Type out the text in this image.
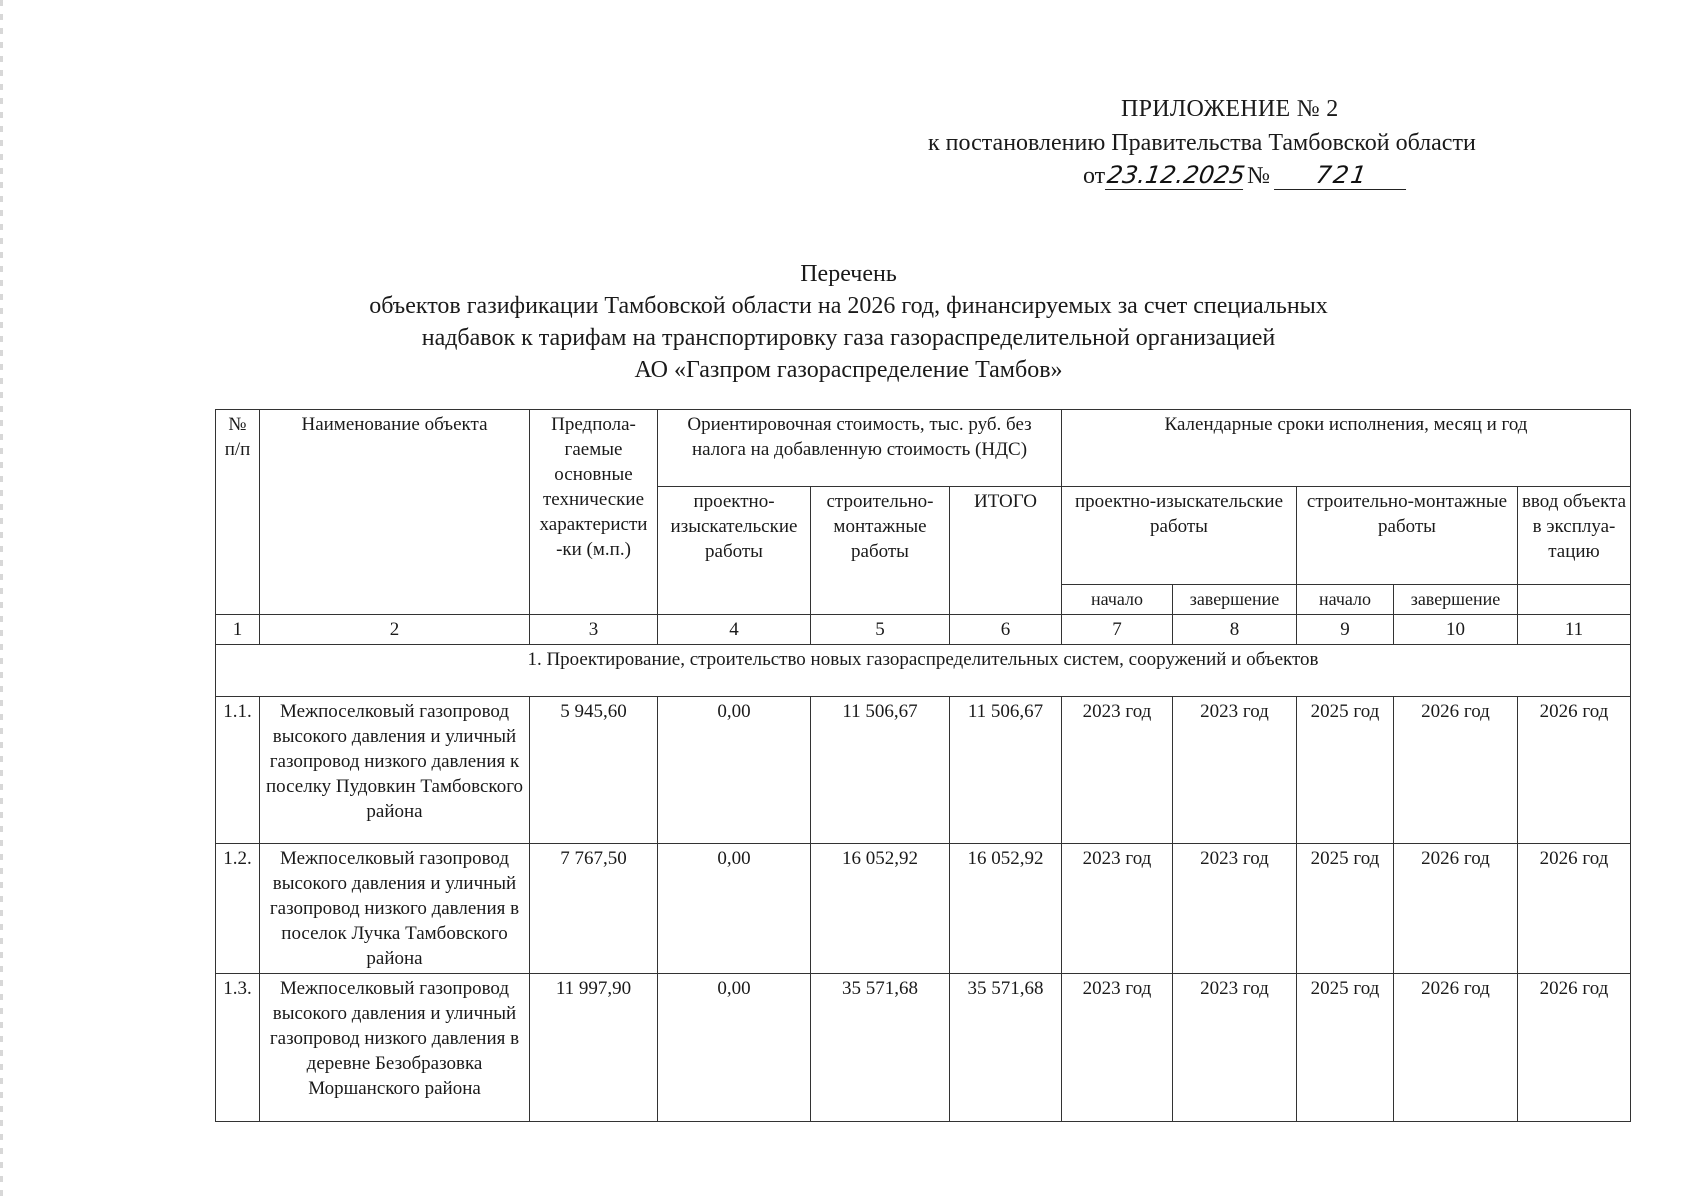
ПРИЛОЖЕНИЕ № 2
к постановлению Правительства Тамбовской области
от23.12.2025№ 721
Перечень
объектов газификации Тамбовской области на 2026 год, финансируемых за счет специальных
надбавок к тарифам на транспортировку газа газораспределительной организацией
АО «Газпром газораспределение Тамбов»
№ п/п	Наименование объекта	Предпола-гаемые основные технические характеристи -ки (м.п.)	Ориентировочная стоимость, тыс. руб. без налога на добавленную стоимость (НДС)			Календарные сроки исполнения, месяц и год				
			проектно-изыскательские работы	строительно-монтажные работы	ИТОГО	проектно-изыскательские работы		строительно-монтажные работы		ввод объекта в эксплуа-тацию
						начало	завершение	начало	завершение	
1	2	3	4	5	6	7	8	9	10	11
1. Проектирование, строительство новых газораспределительных систем, сооружений и объектов										
1.1.	Межпоселковый газопровод высокого давления и уличный газопровод низкого давления к поселку Пудовкин Тамбовского района	5 945,60	0,00	11 506,67	11 506,67	2023 год	2023 год	2025 год	2026 год	2026 год
1.2.	Межпоселковый газопровод высокого давления и уличный газопровод низкого давления в поселок Лучка Тамбовского района	7 767,50	0,00	16 052,92	16 052,92	2023 год	2023 год	2025 год	2026 год	2026 год
1.3.	Межпоселковый газопровод высокого давления и уличный газопровод низкого давления в деревне Безобразовка Моршанского района	11 997,90	0,00	35 571,68	35 571,68	2023 год	2023 год	2025 год	2026 год	2026 год
